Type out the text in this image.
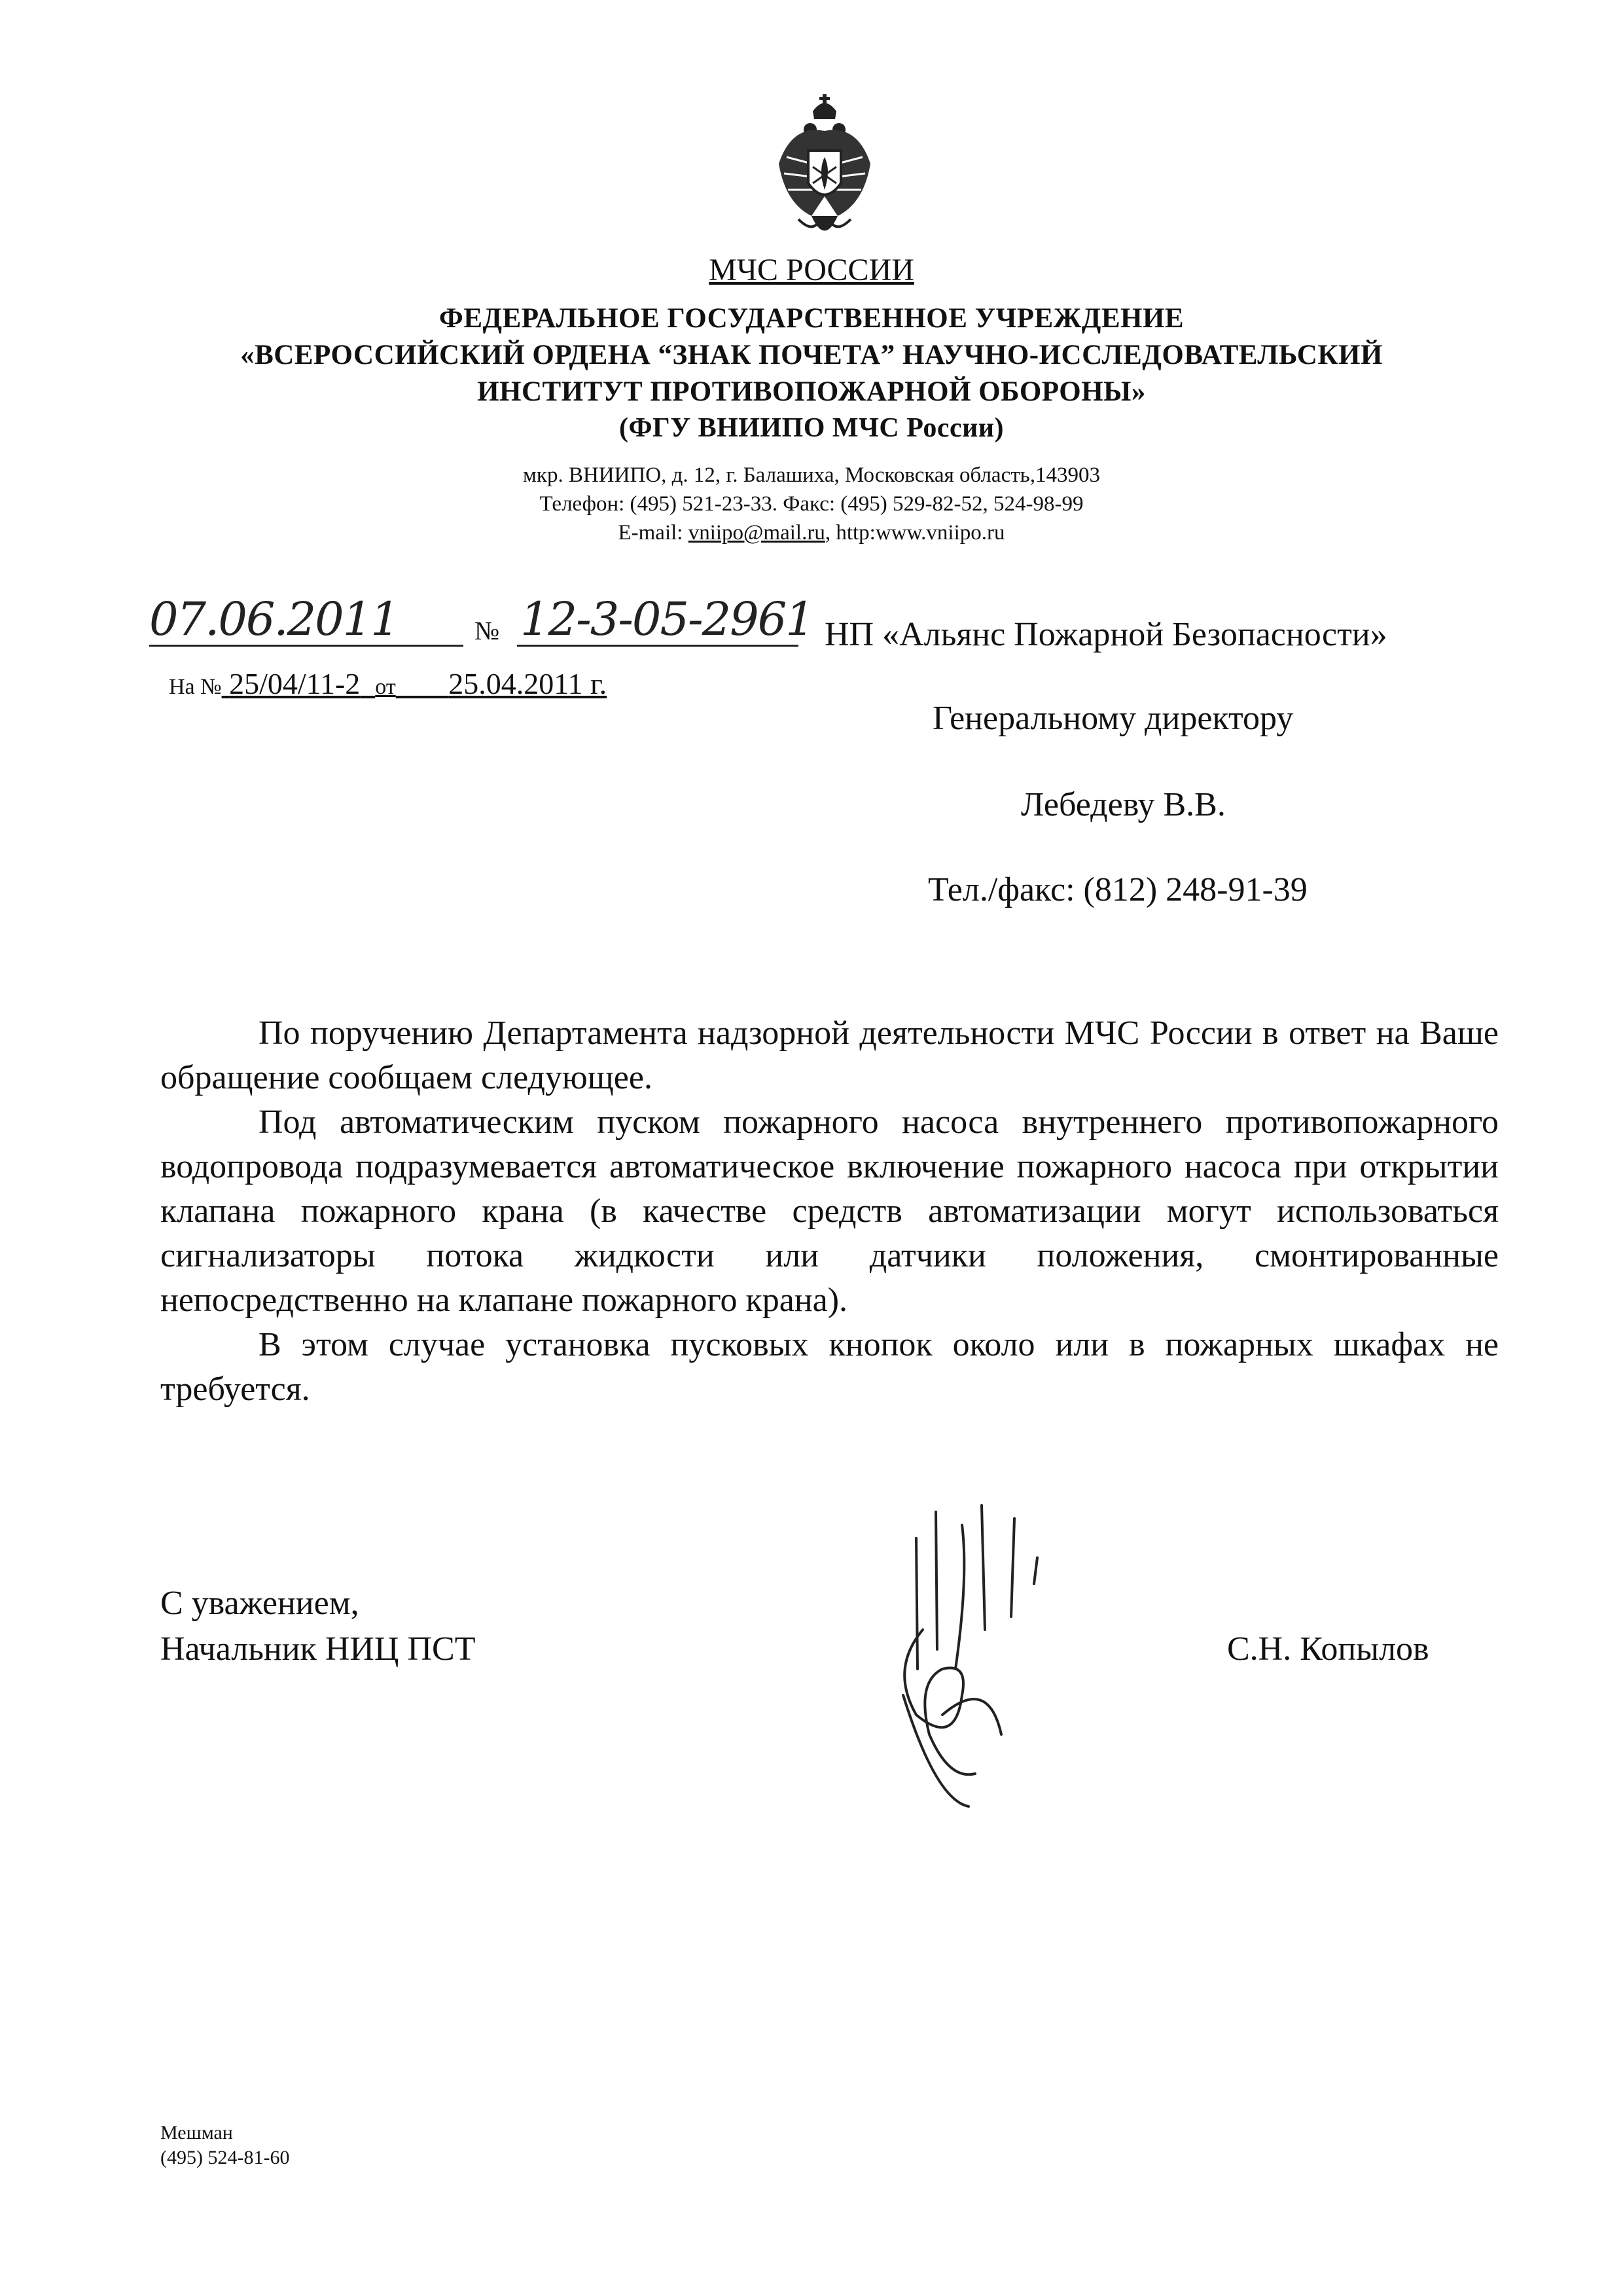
МЧС РОССИИ
ФЕДЕРАЛЬНОЕ ГОСУДАРСТВЕННОЕ УЧРЕЖДЕНИЕ
«ВСЕРОССИЙСКИЙ ОРДЕНА “ЗНАК ПОЧЕТА” НАУЧНО-ИССЛЕДОВАТЕЛЬСКИЙ
ИНСТИТУТ ПРОТИВОПОЖАРНОЙ ОБОРОНЫ»
(ФГУ ВНИИПО МЧС России)
мкр. ВНИИПО, д. 12, г. Балашиха, Московская область,143903
Телефон: (495) 521-23-33. Факс: (495) 529-82-52, 524-98-99
E-mail: vniipo@mail.ru, http:www.vniipo.ru
07.06.2011	№ 12-3-05-2961
На № 25/04/11-2 от 25.04.2011 г.
НП «Альянс Пожарной Безопасности»
Генеральному директору
Лебедеву В.В.
Тел./факс: (812) 248-91-39

По поручению Департамента надзорной деятельности МЧС России в ответ на Ваше обращение сообщаем следующее.

Под автоматическим пуском пожарного насоса внутреннего противопожарного водопровода подразумевается автоматическое включение пожарного насоса при открытии клапана пожарного крана (в качестве средств автоматизации могут использоваться сигнализаторы потока жидкости или датчики положения, смонтированные непосредственно на клапане пожарного крана).

В этом случае установка пусковых кнопок около или в пожарных шкафах не требуется.

С уважением,
Начальник НИЦ ПСТ	С.Н. Копылов
Мешман
(495) 524-81-60
